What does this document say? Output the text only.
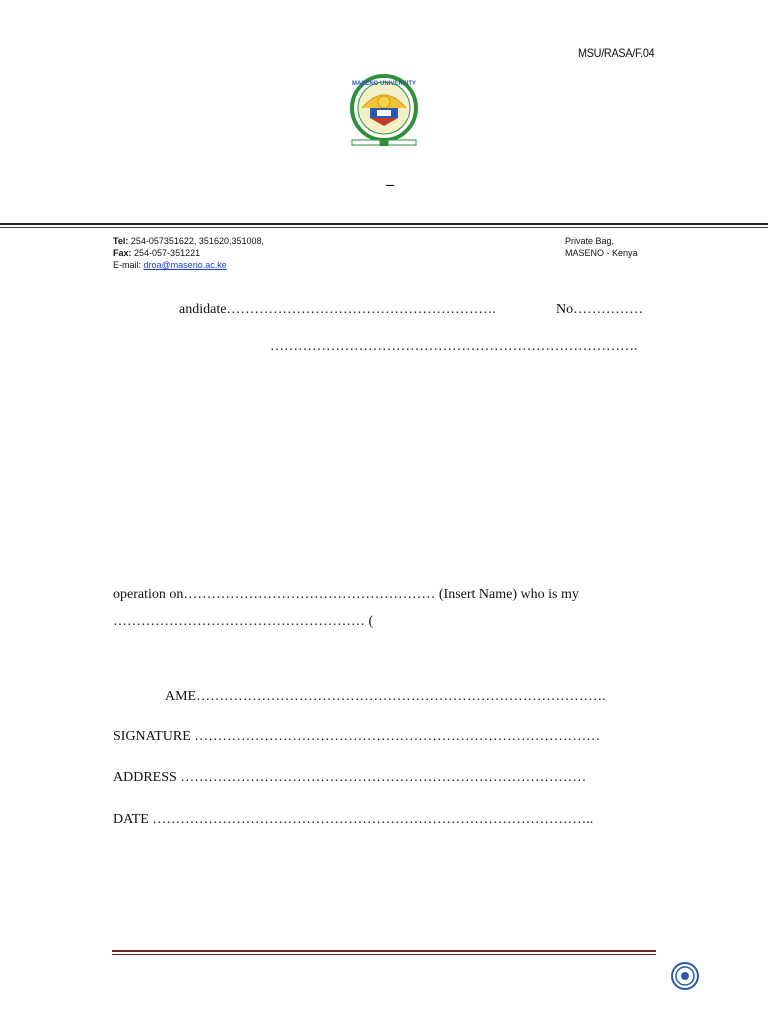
MSU/RASA/F.04
MASENO UNIVERSITY
–
Tel: 254-057351622, 351620,351008,
Fax: 254-057-351221
E-mail: droa@maseno.ac.ke
Private Bag,
MASENO - Kenya
andidate………………………………………………….	No……………
…………………………………………………………………….
operation on……………………………………………… (Insert Name) who is my
……………………………………………… (
AME…………………………………………………………………………….
SIGNATURE ……………………………………………………………………………
ADDRESS ……………………………………………………………………………
DATE …………………………………………………………………………………..
